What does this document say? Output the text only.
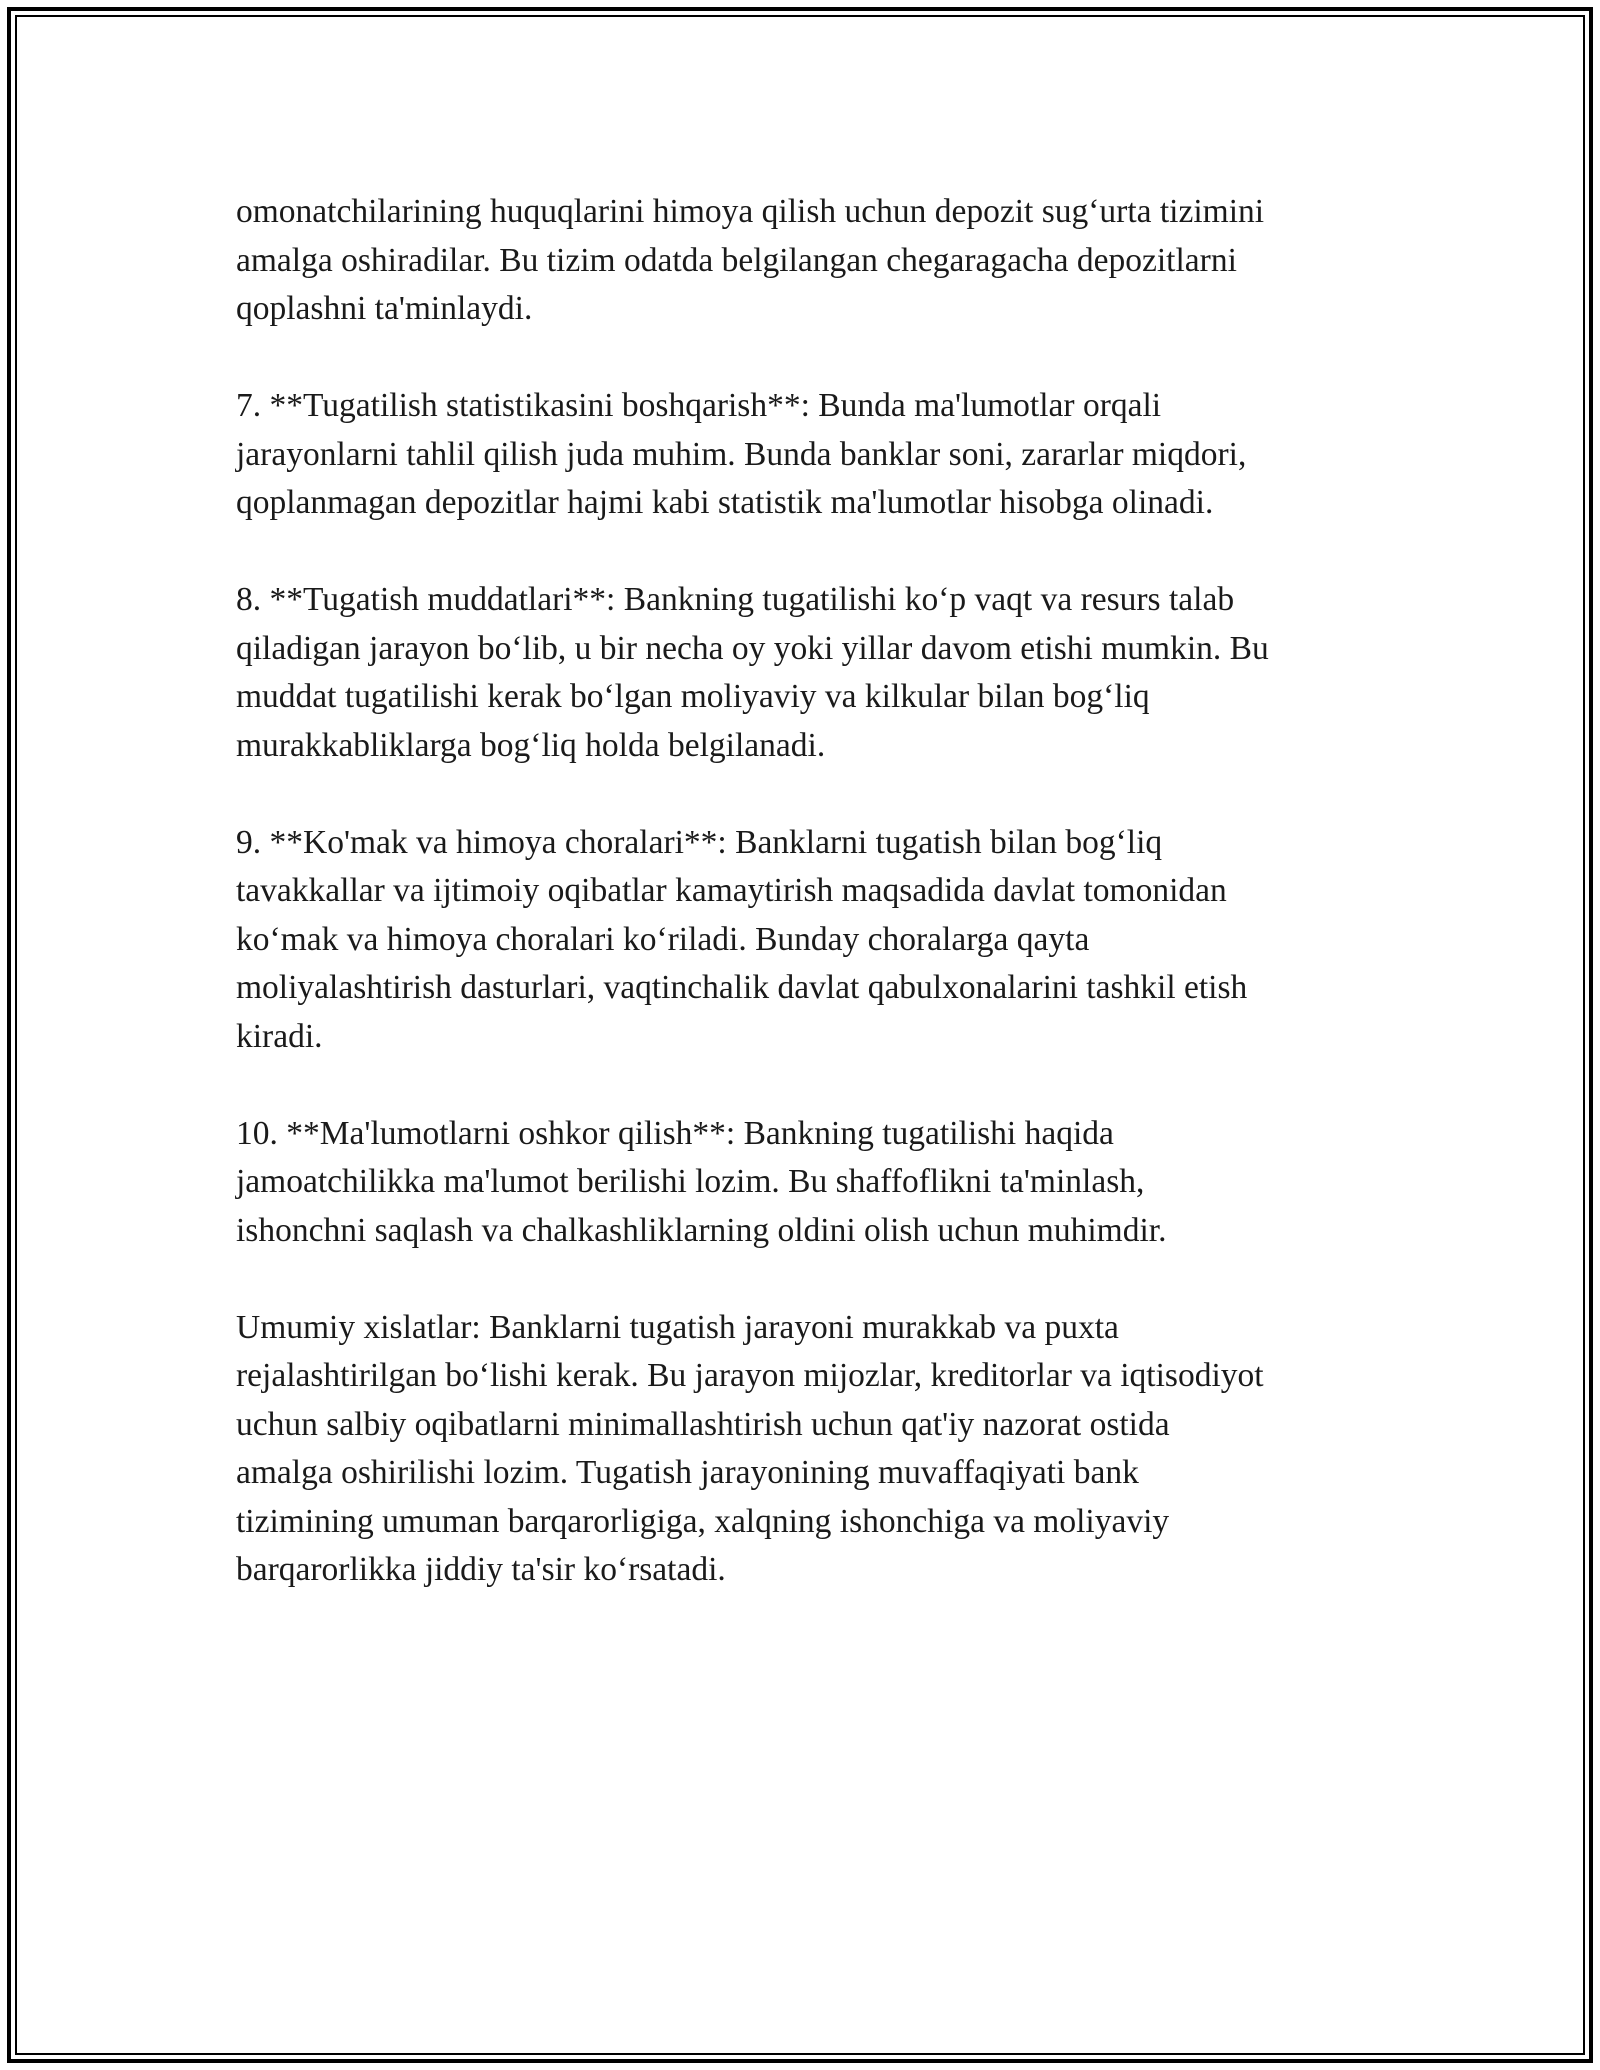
omonatchilarining huquqlarini himoya qilish uchun depozit sug‘urta tizimini
amalga oshiradilar. Bu tizim odatda belgilangan chegaragacha depozitlarni
qoplashni ta'minlaydi.

7. **Tugatilish statistikasini boshqarish**: Bunda ma'lumotlar orqali
jarayonlarni tahlil qilish juda muhim. Bunda banklar soni, zararlar miqdori,
qoplanmagan depozitlar hajmi kabi statistik ma'lumotlar hisobga olinadi.

8. **Tugatish muddatlari**: Bankning tugatilishi ko‘p vaqt va resurs talab
qiladigan jarayon bo‘lib, u bir necha oy yoki yillar davom etishi mumkin. Bu
muddat tugatilishi kerak bo‘lgan moliyaviy va kilkular bilan bog‘liq
murakkabliklarga bog‘liq holda belgilanadi.

9. **Ko'mak va himoya choralari**: Banklarni tugatish bilan bog‘liq
tavakkallar va ijtimoiy oqibatlar kamaytirish maqsadida davlat tomonidan
ko‘mak va himoya choralari ko‘riladi. Bunday choralarga qayta
moliyalashtirish dasturlari, vaqtinchalik davlat qabulxonalarini tashkil etish
kiradi.

10. **Ma'lumotlarni oshkor qilish**: Bankning tugatilishi haqida
jamoatchilikka ma'lumot berilishi lozim. Bu shaffoflikni ta'minlash,
ishonchni saqlash va chalkashliklarning oldini olish uchun muhimdir.

Umumiy xislatlar: Banklarni tugatish jarayoni murakkab va puxta
rejalashtirilgan bo‘lishi kerak. Bu jarayon mijozlar, kreditorlar va iqtisodiyot
uchun salbiy oqibatlarni minimallashtirish uchun qat'iy nazorat ostida
amalga oshirilishi lozim. Tugatish jarayonining muvaffaqiyati bank
tizimining umuman barqarorligiga, xalqning ishonchiga va moliyaviy
barqarorlikka jiddiy ta'sir ko‘rsatadi.
